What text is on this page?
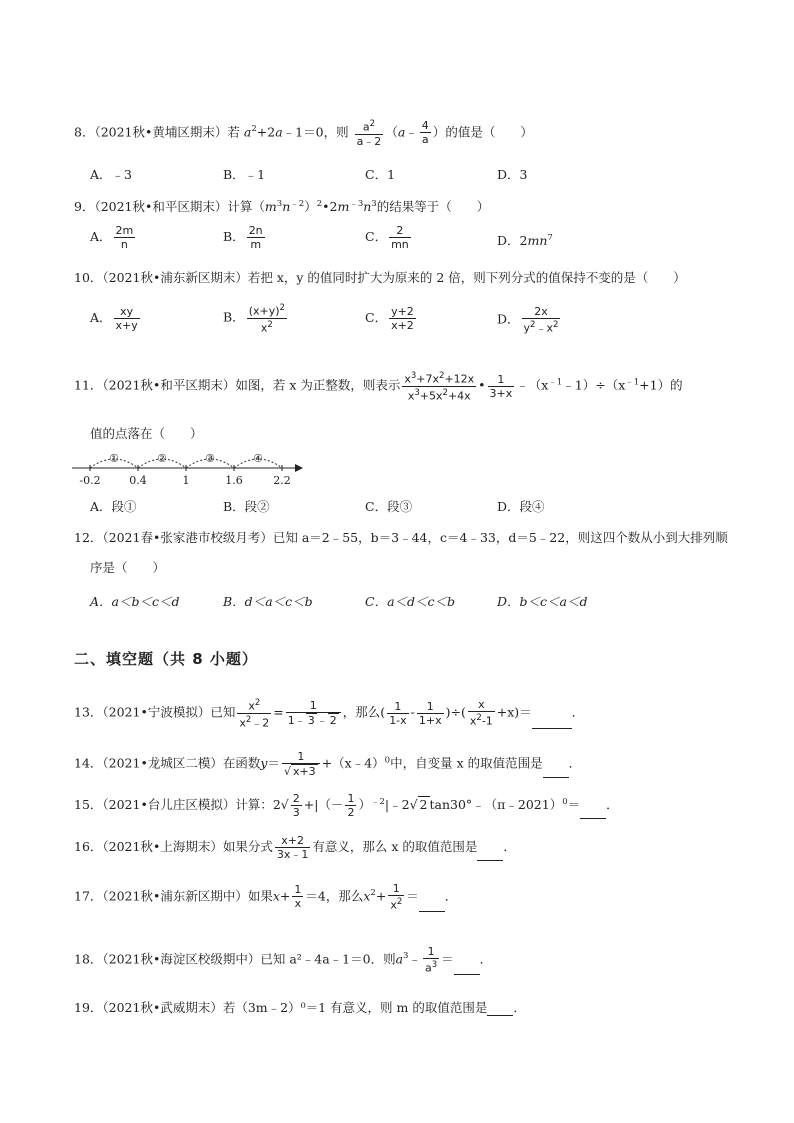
8．（2021秋•黄埔区期末）若 $a^2+2a﹣1=0$，则 $\frac{a^2}{a﹣2}$ （a﹣ $\frac{4}{a}$ ）的值是（　　）
A．﹣3	B．﹣1	C．1	D．3
9．（2021秋•和平区期末）计算$(m^3n^{﹣2})^2•2m^{﹣3}n^3$的结果等于（　　）
A． $\frac{2m}{n}$	B． $\frac{2n}{m}$	C． $\frac{2}{mn}$	D．$2mn^7$
10．（2021秋•浦东新区期末）若把 x，y 的值同时扩大为原来的 2 倍，则下列分式的值保持不变的是（　　）
A． $\frac{xy}{x+y}$	B． $\frac{(x+y)^2}{x^2}$	C． $\frac{y+2}{x+2}$	D． $\frac{2x}{y^2﹣x^2}$
11．（2021秋•和平区期末）如图，若 x 为正整数，则表示 $\frac{x^3+7x^2+12x}{x^3+5x^2+4x}$ • $\frac{1}{3+x}$ $﹣(x^{﹣1}﹣1)\div(x^{﹣1}+1)$的
值的点落在（　　）
①	②	③	④
-0.2	0.4	1	1.6	2.2
A．段①	B．段②	C．段③	D．段④
12．（2021春•张家港市校级月考）已知 a＝2﹣55，b＝3﹣44，c＝4﹣33，d＝5﹣22，则这四个数从小到大排列顺
序是（　　）
A．a＜b＜c＜d	B．d＜a＜c＜b	C．a＜d＜c＜b	D．b＜c＜a＜d
二、填空题（共 8 小题）
13．（2021•宁波模拟）已知 $\frac{x^2}{x^2﹣2} = \frac{1}{1﹣ 3 ﹣ 2}$ ，那么( $\frac{1}{1-x} - \frac{1}{1+x}$ )÷( $\frac{x}{x^2-1} +x)=$	．
14．（2021•龙城区二模）在函数$y= \frac{1}{√ x+3}$ +（x﹣4）$^0$中，自变量 x 的取值范围是 ．
15．（2021•台儿庄区模拟）计算：$2√ \frac{2}{3}$ +|（－ $\frac{1}{2}$ ）$^{﹣2}$|﹣2√ 2 tan30°﹣（π﹣2021）$^0$＝ ．
16．（2021秋•上海期末）如果分式 $\frac{x+2}{3x﹣1}$ 有意义，那么 x 的取值范围是 ．
17．（2021秋•浦东新区期中）如果$x+ \frac{1}{x} =4$，那么$x^2+ \frac{1}{x^2}$ ＝ ．
18．（2021秋•海淀区校级期中）已知 a²﹣4a﹣1＝0．则$a^3﹣ \frac{1}{a^3}$ ＝ ．
19．（2021秋•武威期末）若（3m﹣2）⁰＝1 有意义，则 m 的取值范围是 ．
